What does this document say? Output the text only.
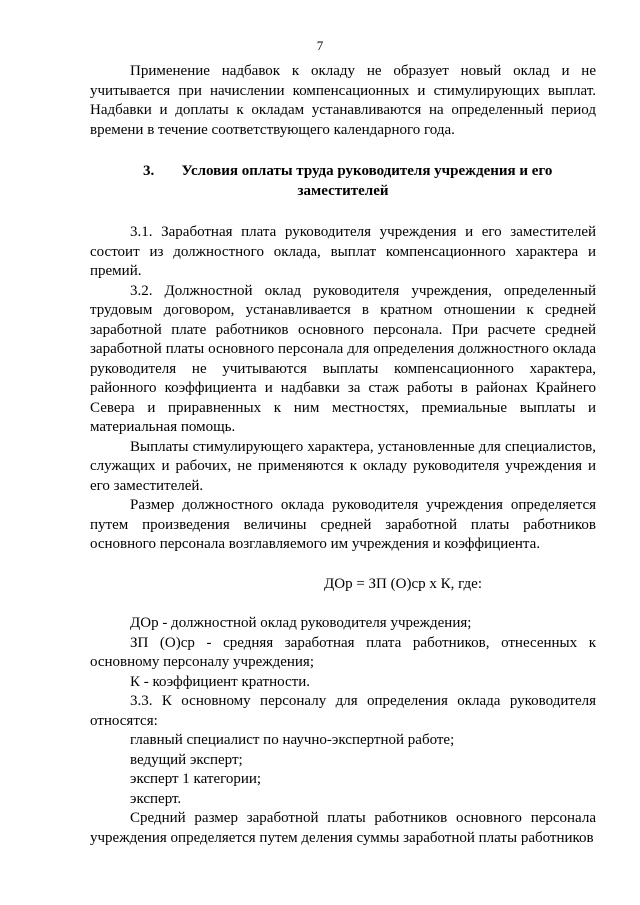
7

Применение надбавок к окладу не образует новый оклад и не учитывается при начислении компенсационных и стимулирующих выплат. Надбавки и доплаты к окладам устанавливаются на определенный период времени в течение соответствующего календарного года.

3. Условия оплаты труда руководителя учреждения и его
заместителей

3.1. Заработная плата руководителя учреждения и его заместителей состоит из должностного оклада, выплат компенсационного характера и премий.

3.2. Должностной оклад руководителя учреждения, определенный трудовым договором, устанавливается в кратном отношении к средней заработной плате работников основного персонала. При расчете средней заработной платы основного персонала для определения должностного оклада руководителя не учитываются выплаты компенсационного характера, районного коэффициента и надбавки за стаж работы в районах Крайнего Севера и приравненных к ним местностях, премиальные выплаты и материальная помощь.

Выплаты стимулирующего характера, установленные для специалистов, служащих и рабочих, не применяются к окладу руководителя учреждения и его заместителей.

Размер должностного оклада руководителя учреждения определяется путем произведения величины средней заработной платы работников основного персонала возглавляемого им учреждения и коэффициента.

ДОр = ЗП (О)ср х К, где:

ДОр - должностной оклад руководителя учреждения;

ЗП (О)ср - средняя заработная плата работников, отнесенных к основному персоналу учреждения;

К - коэффициент кратности.

3.3. К основному персоналу для определения оклада руководителя относятся:

главный специалист по научно-экспертной работе;

ведущий эксперт;

эксперт 1 категории;

эксперт.

Средний размер заработной платы работников основного персонала учреждения определяется путем деления суммы заработной платы работников
